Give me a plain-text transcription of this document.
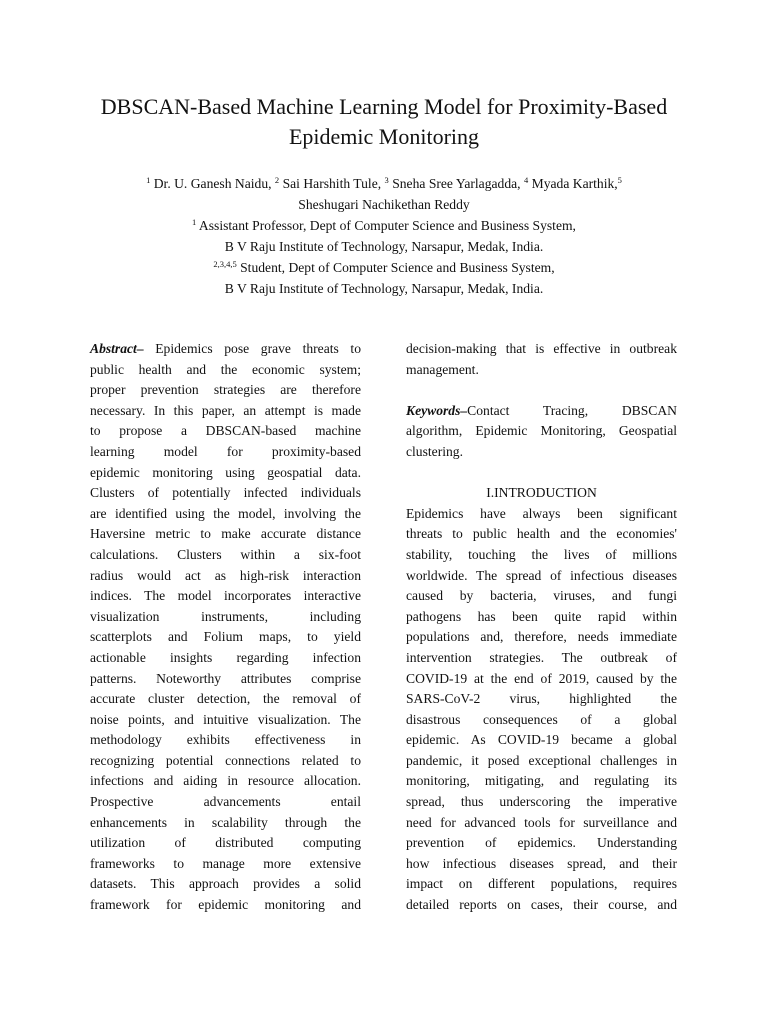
DBSCAN-Based Machine Learning Model for Proximity-Based
Epidemic Monitoring
$^1$ Dr. U. Ganesh Naidu, $^2$ Sai Harshith Tule, $^3$ Sneha Sree Yarlagadda, $^4$ Myada Karthik,$^5$
Sheshugari Nachikethan Reddy
$^1$ Assistant Professor, Dept of Computer Science and Business System,
B V Raju Institute of Technology, Narsapur, Medak, India.
$^{2,3,4,5}$ Student, Dept of Computer Science and Business System,
B V Raju Institute of Technology, Narsapur, Medak, India.
Abstract– Epidemics pose grave threats to
public health and the economic system;
proper prevention strategies are therefore
necessary. In this paper, an attempt is made
to propose a DBSCAN-based machine
learning model for proximity-based
epidemic monitoring using geospatial data.
Clusters of potentially infected individuals
are identified using the model, involving the
Haversine metric to make accurate distance
calculations. Clusters within a six-foot
radius would act as high-risk interaction
indices. The model incorporates interactive
visualization instruments, including
scatterplots and Folium maps, to yield
actionable insights regarding infection
patterns. Noteworthy attributes comprise
accurate cluster detection, the removal of
noise points, and intuitive visualization. The
methodology exhibits effectiveness in
recognizing potential connections related to
infections and aiding in resource allocation.
Prospective advancements entail
enhancements in scalability through the
utilization of distributed computing
frameworks to manage more extensive
datasets. This approach provides a solid
framework for epidemic monitoring and
decision-making that is effective in outbreak
management.
Keywords–Contact Tracing, DBSCAN
algorithm, Epidemic Monitoring, Geospatial
clustering.
I.INTRODUCTION
Epidemics have always been significant
threats to public health and the economies'
stability, touching the lives of millions
worldwide. The spread of infectious diseases
caused by bacteria, viruses, and fungi
pathogens has been quite rapid within
populations and, therefore, needs immediate
intervention strategies. The outbreak of
COVID-19 at the end of 2019, caused by the
SARS-CoV-2 virus, highlighted the
disastrous consequences of a global
epidemic. As COVID-19 became a global
pandemic, it posed exceptional challenges in
monitoring, mitigating, and regulating its
spread, thus underscoring the imperative
need for advanced tools for surveillance and
prevention of epidemics. Understanding
how infectious diseases spread, and their
impact on different populations, requires
detailed reports on cases, their course, and
